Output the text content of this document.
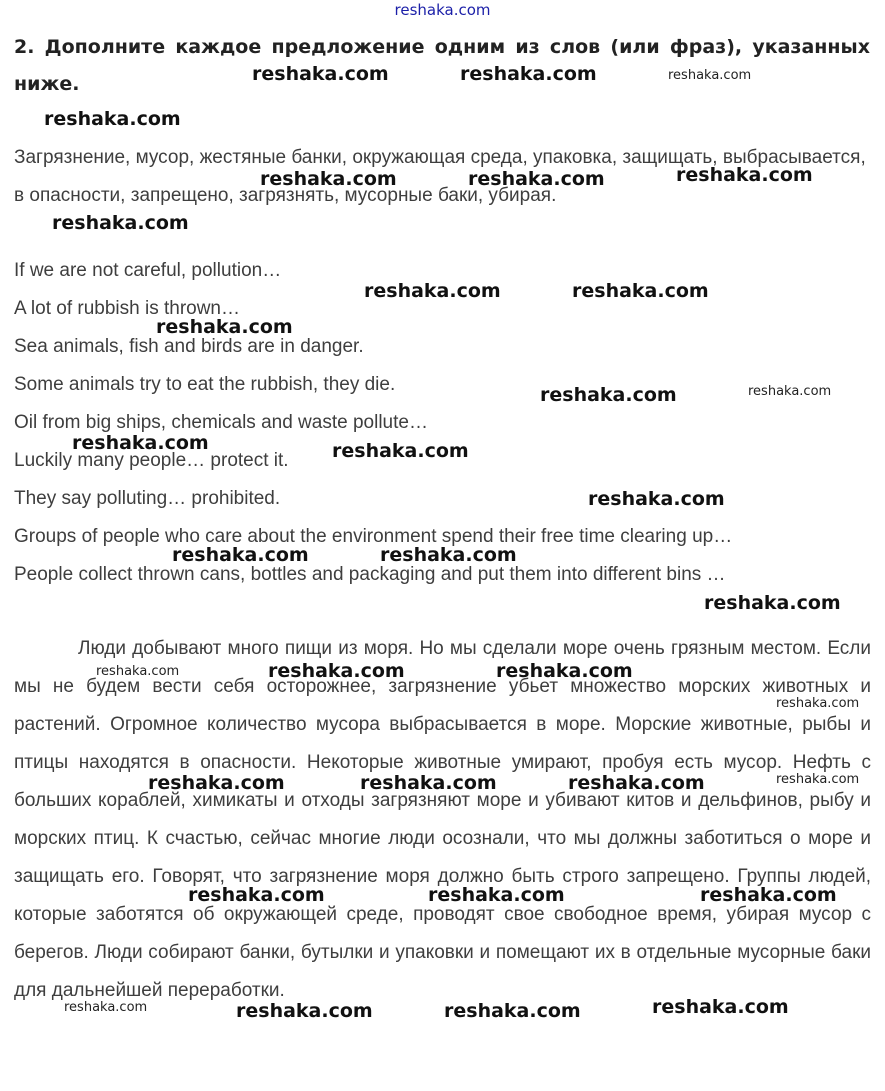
reshaka.com
2. Дополните каждое предложение одним из слов (или фраз), указанных ниже.
Загрязнение, мусор, жестяные банки, окружающая среда, упаковка, защищать, выбрасывается, в опасности, запрещено, загрязнять, мусорные баки, убирая.
If we are not careful, pollution…
A lot of rubbish is thrown…
Sea animals, fish and birds are in danger.
Some animals try to eat the rubbish, they die.
Oil from big ships, chemicals and waste pollute…
Luckily many people… protect it.
They say polluting… prohibited.
Groups of people who care about the environment spend their free time clearing up…
People collect thrown cans, bottles and packaging and put them into different bins …
Люди добывают много пищи из моря. Но мы сделали море очень грязным местом. Если мы не будем вести себя осторожнее, загрязнение убьет множество морских животных и растений. Огромное количество мусора выбрасывается в море. Морские животные, рыбы и птицы находятся в опасности. Некоторые животные умирают, пробуя есть мусор. Нефть с больших кораблей, химикаты и отходы загрязняют море и убивают китов и дельфинов, рыбу и морских птиц. К счастью, сейчас многие люди осознали, что мы должны заботиться о море и защищать его. Говорят, что загрязнение моря должно быть строго запрещено. Группы людей, которые заботятся об окружающей среде, проводят свое свободное время, убирая мусор с берегов. Люди собирают банки, бутылки и упаковки и помещают их в отдельные мусорные баки для дальнейшей переработки.
reshaka.com	reshaka.com	reshaka.com
reshaka.com
reshaka.com	reshaka.com	reshaka.com
reshaka.com
reshaka.com	reshaka.com
reshaka.com
reshaka.com	reshaka.com
reshaka.com	reshaka.com
reshaka.com
reshaka.com	reshaka.com
reshaka.com
reshaka.com	reshaka.com	reshaka.com
reshaka.com
reshaka.com	reshaka.com	reshaka.com	reshaka.com
reshaka.com	reshaka.com	reshaka.com
reshaka.com	reshaka.com	reshaka.com	reshaka.com
